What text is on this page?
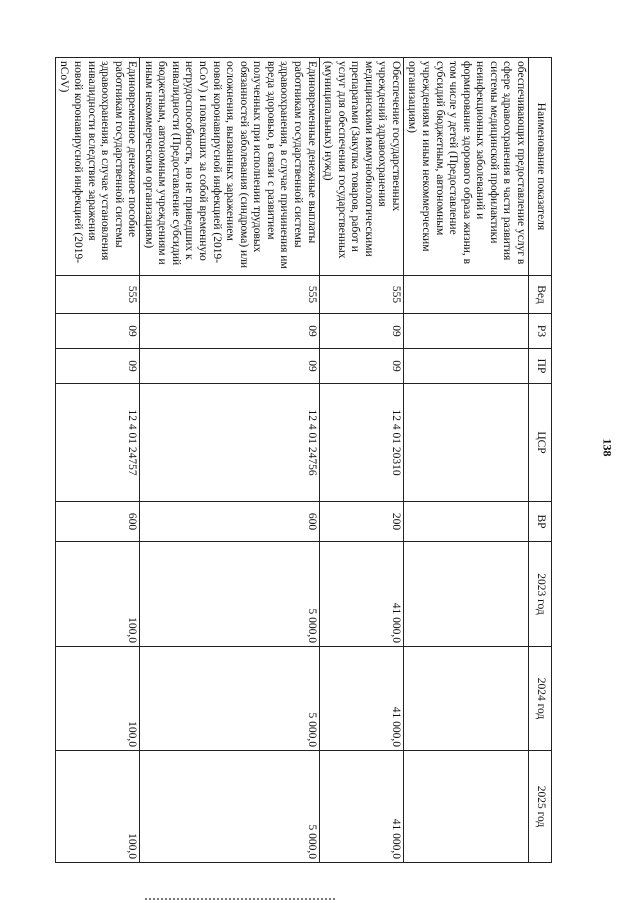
138
Наименование показателя	Вед	РЗ	ПР	ЦСР	ВР	2023 год	2024 год	2025 год
обеспечивающих предоставление услуг в сфере здравоохранения в части развития системы медицинской профилактики неинфекционных заболеваний и формирование здорового образа жизни, в том числе у детей (Предоставление субсидий бюджетным, автономным учреждениям и иным некоммерческим организациям)								
Обеспечение государственных учреждений здравоохранения медицинскими иммунобиологическими препаратами (Закупка товаров, работ и услуг для обеспечения государственных (муниципальных) нужд)	555	09	09	12 4 01 20310	200	41 000,0	41 000,0	41 000,0
Единовременные денежные выплаты работникам государственной системы здравоохранения, в случае причинения им вреда здоровью, в связи с развитием полученных при исполнении трудовых обязанностей заболевания (синдрома) или осложнения, вызванных заражением новой коронавирусной инфекцией (2019- nCoV) и повлекших за собой временную нетрудоспособность, но не приведших к инвалидности (Предоставление субсидий бюджетным, автономным учреждениям и иным некоммерческим организациям)	555	09	09	12 4 01 24756	600	5 000,0	5 000,0	5 000,0
Единовременное денежное пособие работникам государственной системы здравоохранения, в случае установления инвалидности вследствие заражения новой коронавирусной инфекцией (2019-nCoV)	555	09	09	12 4 01 24757	600	100,0	100,0	100,0
